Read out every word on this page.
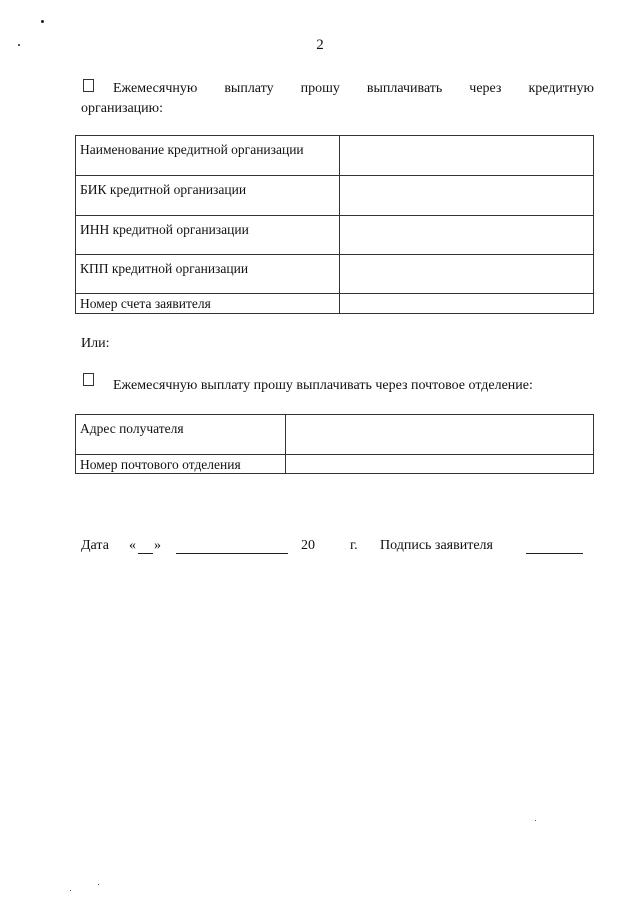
2
Ежемесячную выплату прошу выплачивать через кредитную
организацию:
Наименование кредитной организации	
БИК кредитной организации	
ИНН кредитной организации	
КПП кредитной организации	
Номер счета заявителя	
Или:
Ежемесячную выплату прошу выплачивать через почтовое отделение:
Адрес получателя	
Номер почтового отделения	
Дата « »	20	г. Подпись заявителя
